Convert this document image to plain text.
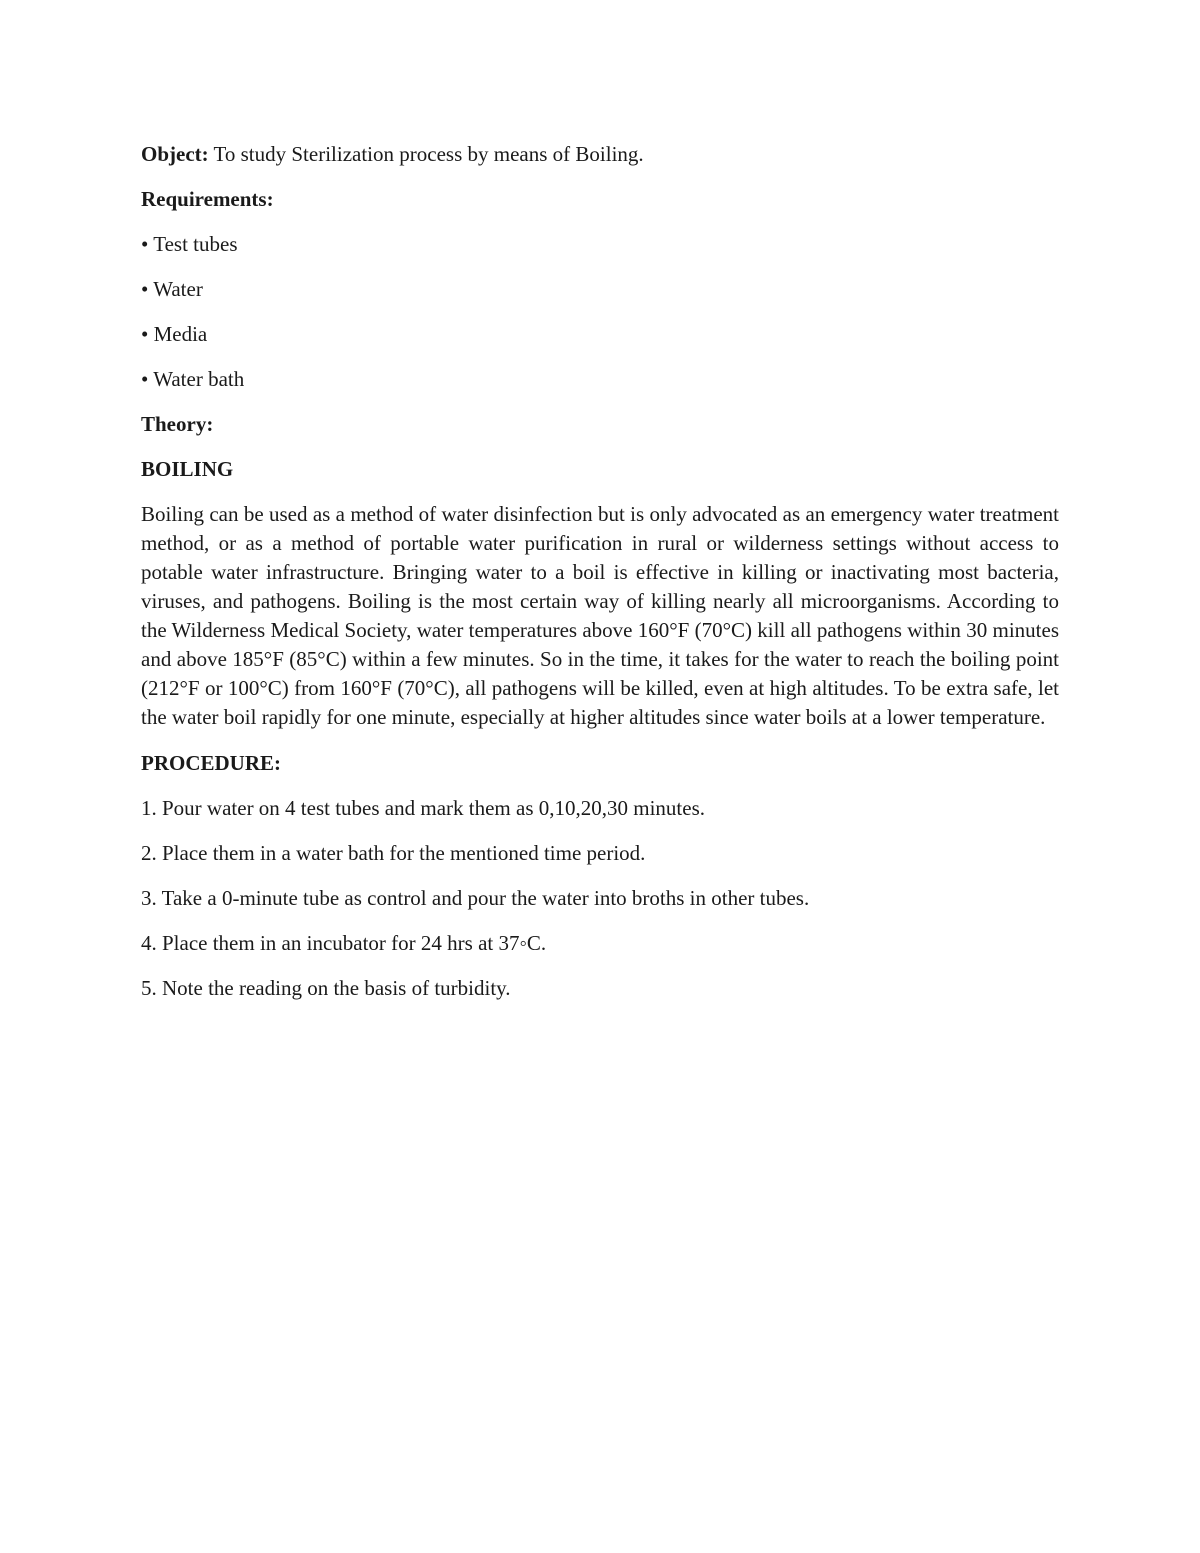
Object: To study Sterilization process by means of Boiling.

Requirements:

• Test tubes
• Water
• Media
• Water bath

Theory:

BOILING

Boiling can be used as a method of water disinfection but is only advocated as an emergency water treatment method, or as a method of portable water purification in rural or wilderness settings without access to potable water infrastructure. Bringing water to a boil is effective in killing or inactivating most bacteria, viruses, and pathogens. Boiling is the most certain way of killing nearly all microorganisms. According to the Wilderness Medical Society, water temperatures above 160°F (70°C) kill all pathogens within 30 minutes and above 185°F (85°C) within a few minutes. So in the time, it takes for the water to reach the boiling point (212°F or 100°C) from 160°F (70°C), all pathogens will be killed, even at high altitudes. To be extra safe, let the water boil rapidly for one minute, especially at higher altitudes since water boils at a lower temperature.

PROCEDURE:

1. Pour water on 4 test tubes and mark them as 0,10,20,30 minutes.
2. Place them in a water bath for the mentioned time period.
3. Take a 0-minute tube as control and pour the water into broths in other tubes.
4. Place them in an incubator for 24 hrs at 37◦C.
5. Note the reading on the basis of turbidity.
